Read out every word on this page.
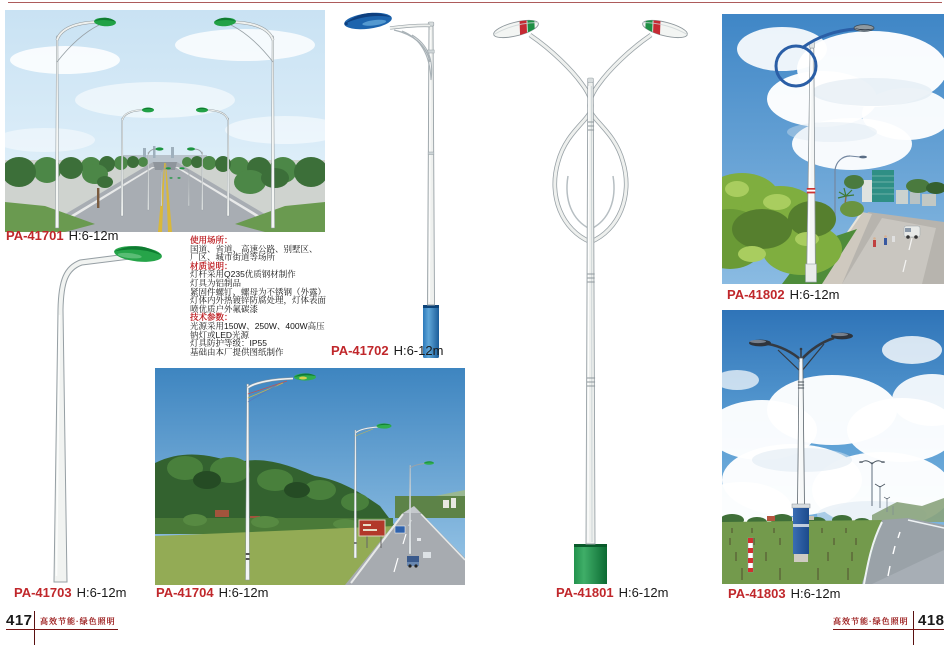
使用场所：
国道、省道、高速公路、别墅区、
厂区、城市街道等场所
材质说明：
灯杆采用Q235优质钢材制作
灯具为铝制品
紧固件螺钉、螺母为不锈钢（外露）
灯体内外热镀锌防腐处理，灯体表面
喷优质户外氟碳漆
技术参数：
光源采用150W、250W、400W高压
钠灯或LED光源
灯具防护等级：IP55
基础由本厂提供图纸制作
PA-41701 H:6-12m
PA-41702 H:6-12m
PA-41703 H:6-12m PA-41704 H:6-12m	PA-41801 H:6-12m
PA-41802 H:6-12m
PA-41803 H:6-12m
417 高效节能·绿色照明	高效节能·绿色照明 418
